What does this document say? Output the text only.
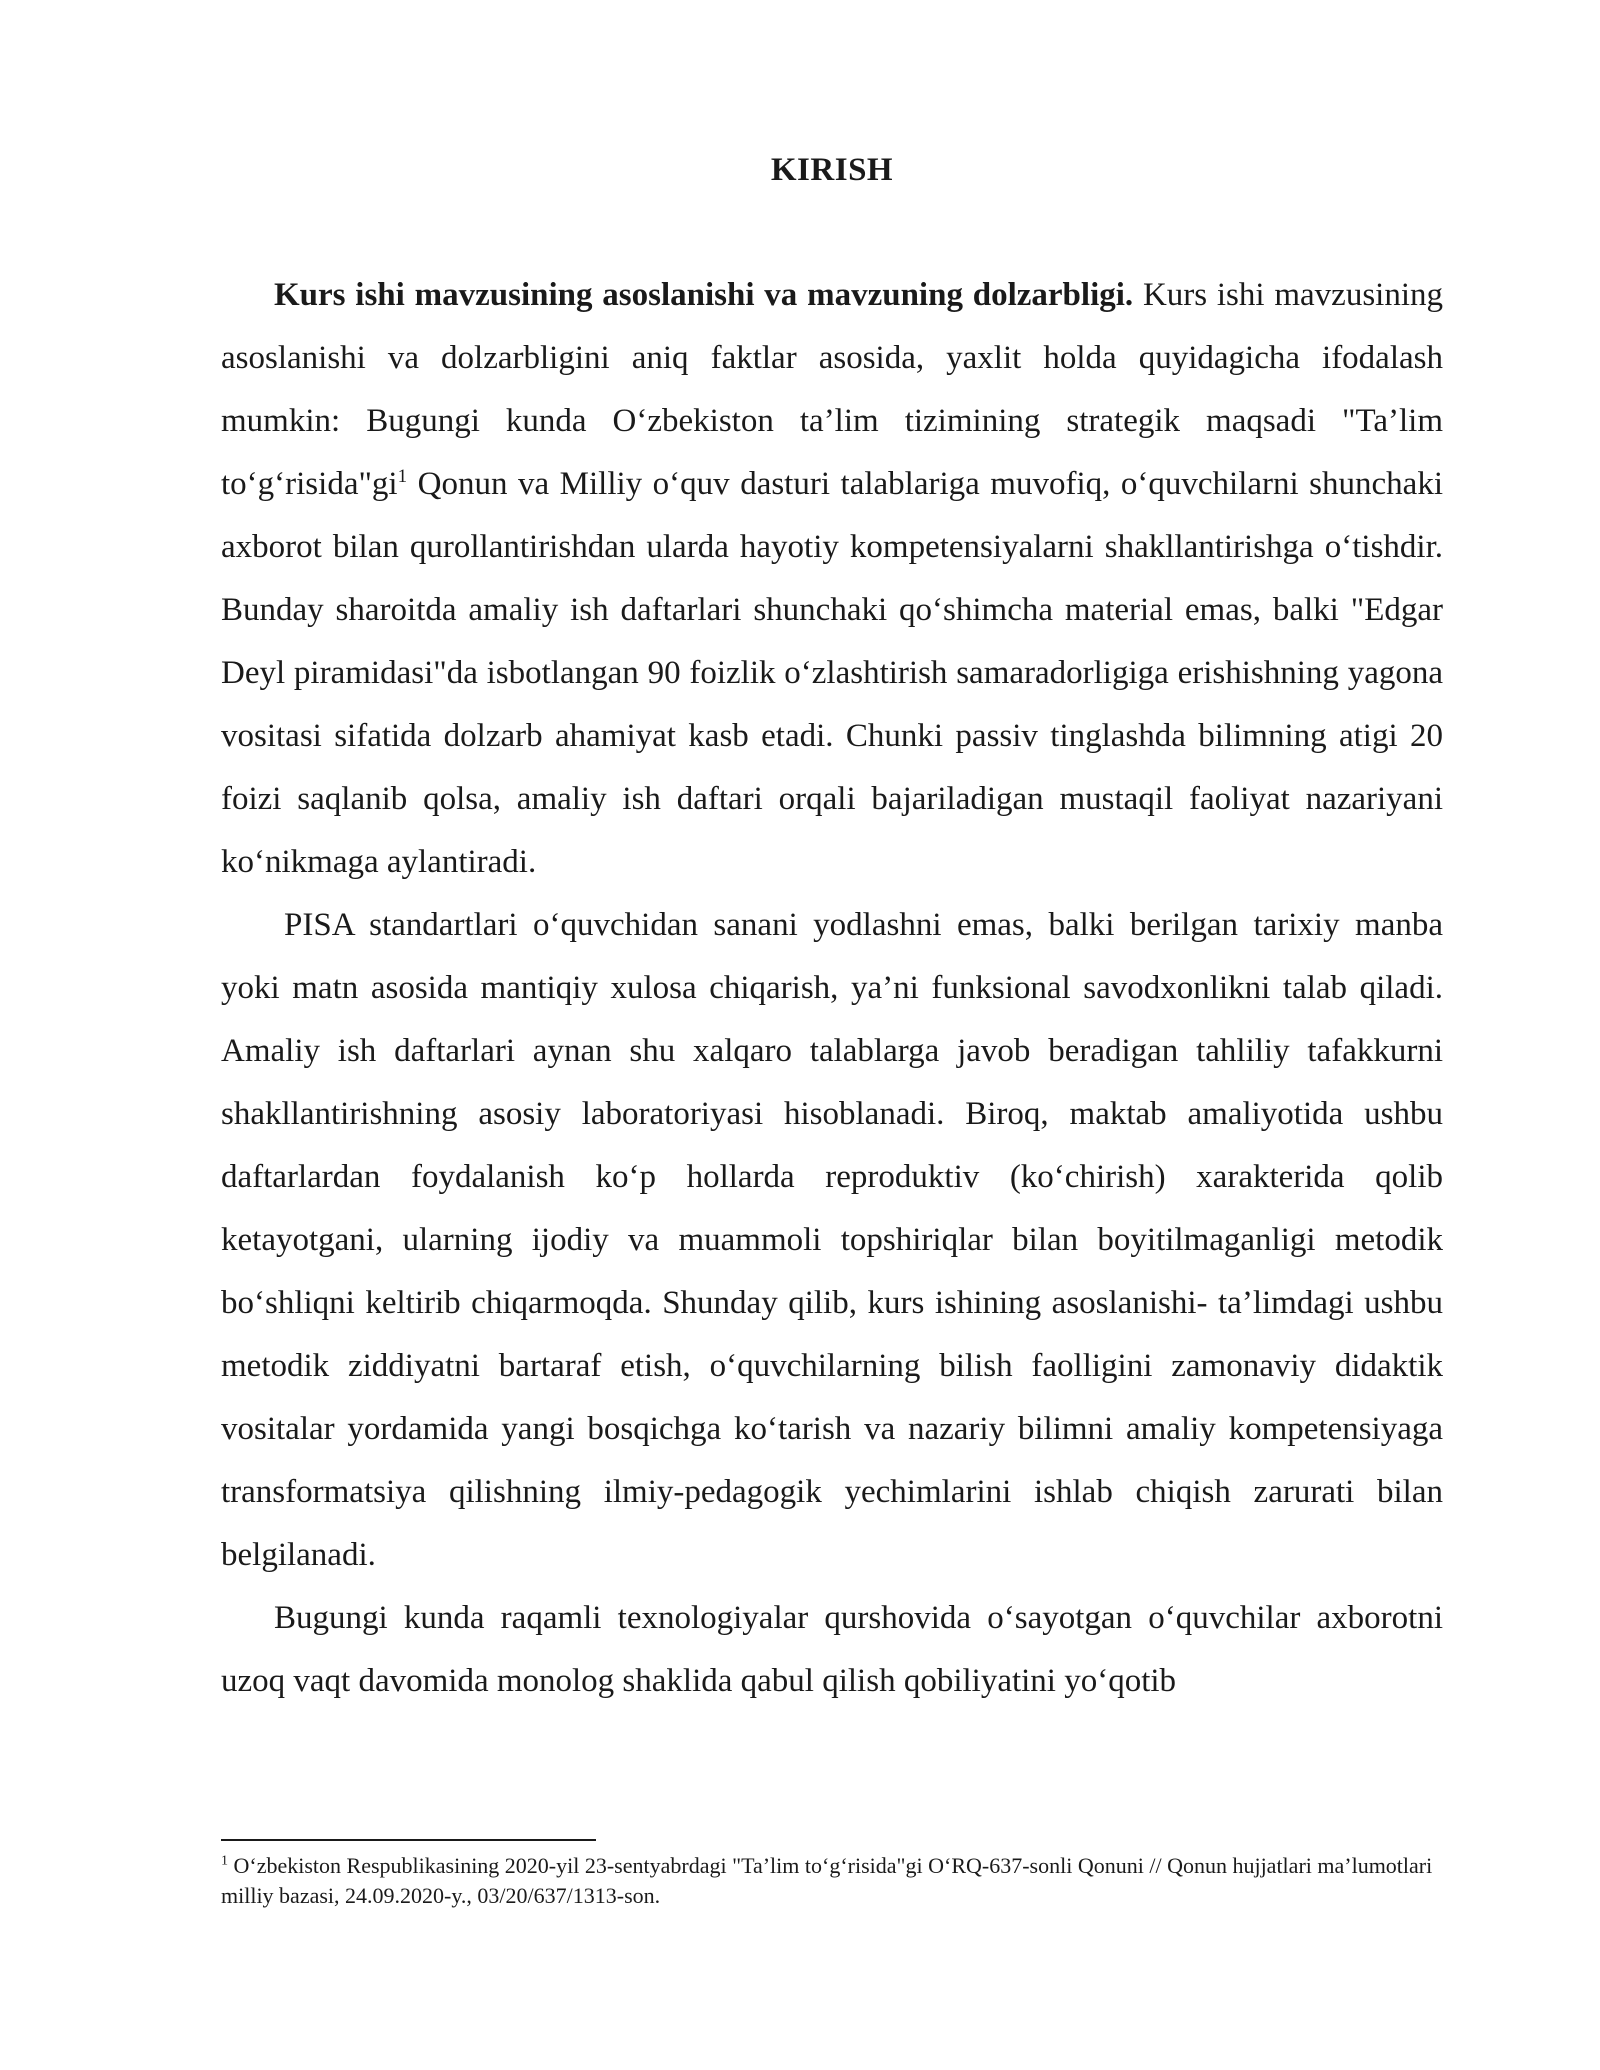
KIRISH

Kurs ishi mavzusining asoslanishi va mavzuning dolzarbligi. Kurs ishi mavzusining asoslanishi va dolzarbligini aniq faktlar asosida, yaxlit holda quyidagicha ifodalash mumkin: Bugungi kunda O‘zbekiston ta’lim tizimining strategik maqsadi "Ta’lim to‘g‘risida"gi$^1$ Qonun va Milliy o‘quv dasturi talablariga muvofiq, o‘quvchilarni shunchaki axborot bilan qurollantirishdan ularda hayotiy kompetensiyalarni shakllantirishga o‘tishdir. Bunday sharoitda amaliy ish daftarlari shunchaki qo‘shimcha material emas, balki "Edgar Deyl piramidasi"da isbotlangan 90 foizlik o‘zlashtirish samaradorligiga erishishning yagona vositasi sifatida dolzarb ahamiyat kasb etadi. Chunki passiv tinglashda bilimning atigi 20 foizi saqlanib qolsa, amaliy ish daftari orqali bajariladigan mustaqil faoliyat nazariyani ko‘nikmaga aylantiradi.

PISA standartlari o‘quvchidan sanani yodlashni emas, balki berilgan tarixiy manba yoki matn asosida mantiqiy xulosa chiqarish, ya’ni funksional savodxonlikni talab qiladi. Amaliy ish daftarlari aynan shu xalqaro talablarga javob beradigan tahliliy tafakkurni shakllantirishning asosiy laboratoriyasi hisoblanadi. Biroq, maktab amaliyotida ushbu daftarlardan foydalanish ko‘p hollarda reproduktiv (ko‘chirish) xarakterida qolib ketayotgani, ularning ijodiy va muammoli topshiriqlar bilan boyitilmaganligi metodik bo‘shliqni keltirib chiqarmoqda. Shunday qilib, kurs ishining asoslanishi- ta’limdagi ushbu metodik ziddiyatni bartaraf etish, o‘quvchilarning bilish faolligini zamonaviy didaktik vositalar yordamida yangi bosqichga ko‘tarish va nazariy bilimni amaliy kompetensiyaga transformatsiya qilishning ilmiy-pedagogik yechimlarini ishlab chiqish zarurati bilan belgilanadi.

Bugungi kunda raqamli texnologiyalar qurshovida o‘sayotgan o‘quvchilar axborotni uzoq vaqt davomida monolog shaklida qabul qilish qobiliyatini yo‘qotib

$^1$ O‘zbekiston Respublikasining 2020-yil 23-sentyabrdagi "Ta’lim to‘g‘risida"gi O‘RQ-637-sonli Qonuni // Qonun hujjatlari ma’lumotlari milliy bazasi, 24.09.2020-y., 03/20/637/1313-son.
